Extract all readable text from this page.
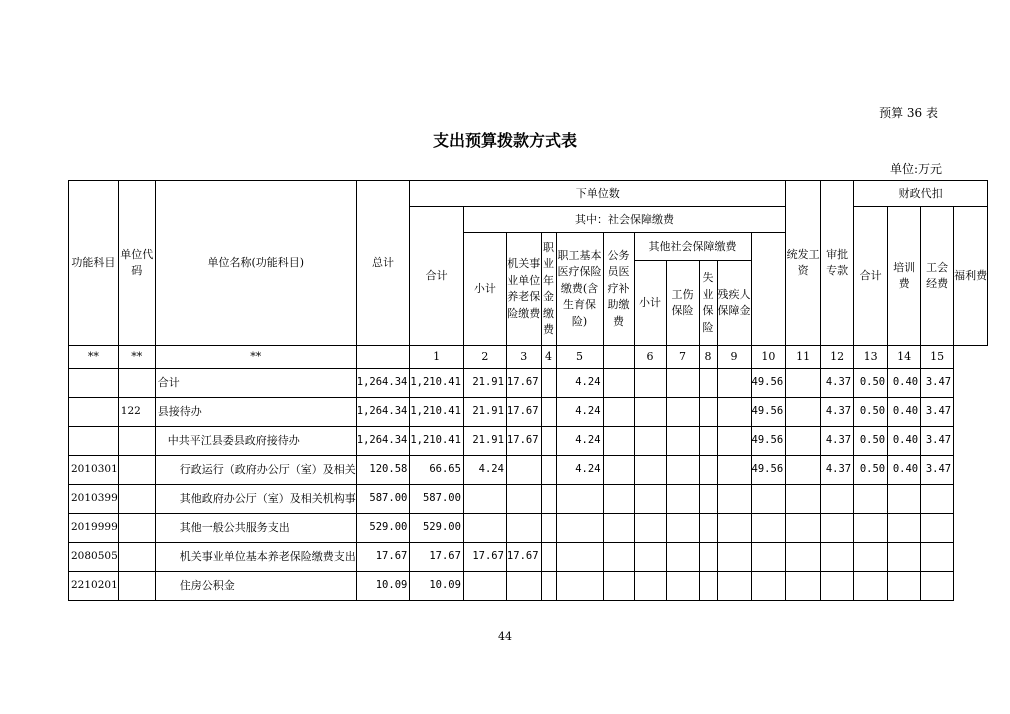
预算 36 表
支出预算拨款方式表
单位:万元
功能科目	单位代码	单位名称(功能科目)	总计	下单位数											统发工资	审批专款	财政代扣			
				合计	其中：社会保障缴费												合计	培训费	工会经费	福利费
					小计	机关事业单位养老保险缴费	职业年金缴费	职工基本医疗保险缴费(含生育保险)	公务员医疗补助缴费	其他社会保障缴费										
										小计	工伤保险	失业保险	残疾人保障金							
**	**	**		1	2	3	4	5		6	7	8	9	10	11	12	13	14	15	
		合计	1,264.34	1,210.41	21.91	17.67		4.24						49.56		4.37	0.50	0.40	3.47	
	122	县接待办	1,264.34	1,210.41	21.91	17.67		4.24						49.56		4.37	0.50	0.40	3.47	
		中共平江县委县政府接待办	1,264.34	1,210.41	21.91	17.67		4.24						49.56		4.37	0.50	0.40	3.47	
2010301		行政运行（政府办公厅（室）及相关	120.58	66.65	4.24			4.24						49.56		4.37	0.50	0.40	3.47	
2010399		其他政府办公厅（室）及相关机构事	587.00	587.00																
2019999		其他一般公共服务支出	529.00	529.00																
2080505		机关事业单位基本养老保险缴费支出	17.67	17.67	17.67	17.67														
2210201		住房公积金	10.09	10.09																
44
